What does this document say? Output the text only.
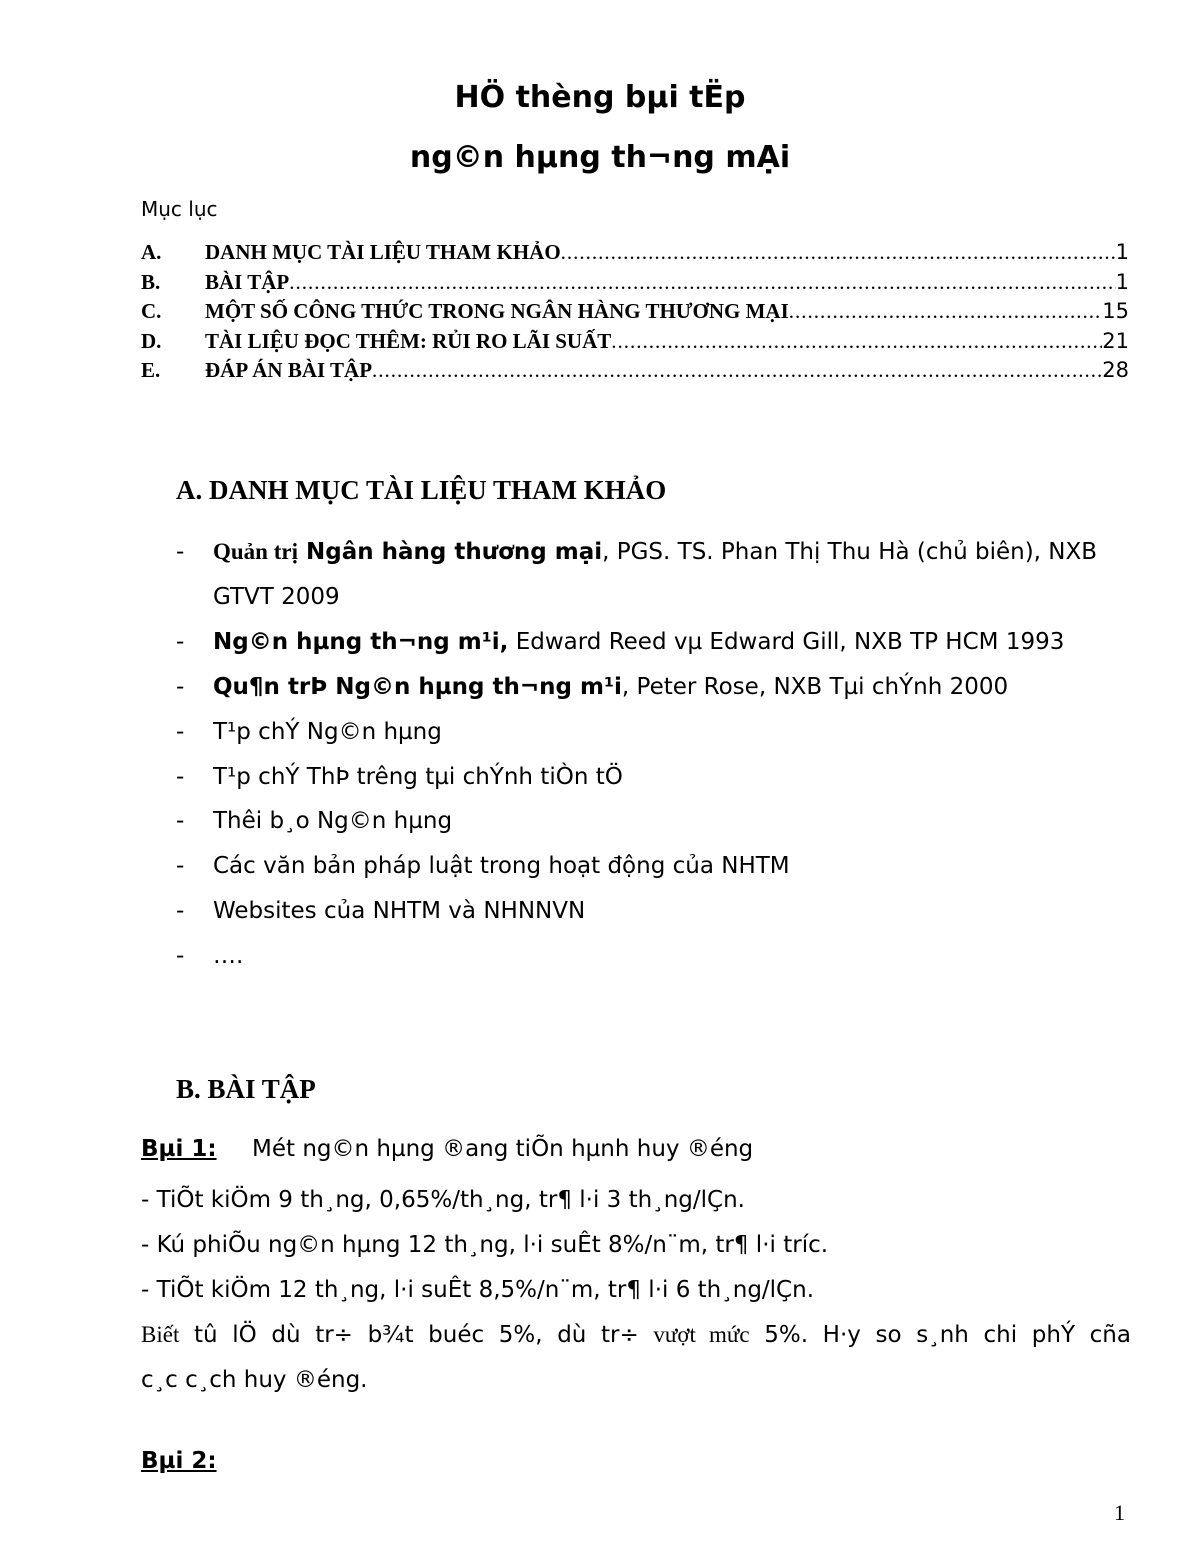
HÖ thèng bµi tËp
ng©n hµng th¬ng mẠi
Mục lục
A.	DANH MỤC TÀI LIỆU THAM KHẢO .....	1
B.	BÀI TẬP .....	1
C.	MỘT SỐ CÔNG THỨC TRONG NGÂN HÀNG THƯƠNG MẠI .....	15
D.	TÀI LIỆU ĐỌC THÊM: RỦI RO LÃI SUẤT .....	21
E.	ĐÁP ÁN BÀI TẬP .....	28
A. DANH MỤC TÀI LIỆU THAM KHẢO
- Quản trị Ngân hàng thương mại, PGS. TS. Phan Thị Thu Hà (chủ biên), NXB GTVT 2009
- Ng©n hµng th¬ng m¹i, Edward Reed vµ Edward Gill, NXB TP HCM 1993
- Qu¶n trÞ Ng©n hµng th¬ng m¹i, Peter Rose, NXB Tµi chÝnh 2000
- T¹p chÝ Ng©n hµng
- T¹p chÝ ThÞ trêng tµi chÝnh tiÒn tÖ
- Thêi b¸o Ng©n hµng
- Các văn bản pháp luật trong hoạt động của NHTM
- Websites của NHTM và NHNNVN
- ….
B. BÀI TẬP
Bµi 1: Mét ng©n hµng ®ang tiÕn hµnh huy ®éng
- TiÕt kiÖm 9 th¸ng, 0,65%/th¸ng, tr¶ l·i 3 th¸ng/lÇn.
- Kú phiÕu ng©n hµng 12 th¸ng, l·i suÊt 8%/n¨m, tr¶ l·i tríc.
- TiÕt kiÖm 12 th¸ng, l·i suÊt 8,5%/n¨m, tr¶ l·i 6 th¸ng/lÇn.
Biết tû lÖ dù tr÷ b¾t buéc 5%, dù tr÷ vượt mức 5%. H·y so s¸nh chi phÝ cña
c¸c c¸ch huy ®éng.
Bµi 2:
1
